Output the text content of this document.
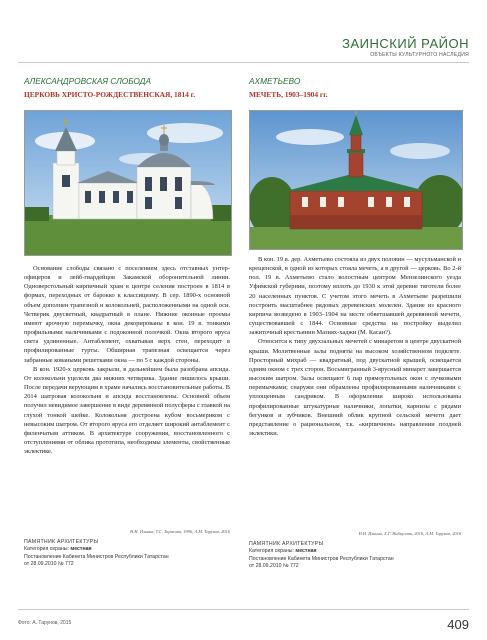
ЗАИНСКИЙ РАЙОН
ОБЪЕКТЫ КУЛЬТУРНОГО НАСЛЕДИЯ
АЛЕКСАНДРОВСКАЯ СЛОБОДА
ЦЕРКОВЬ ХРИСТО-РОЖДЕСТВЕНСКАЯ, 1814 г.

Основание слободы связано с поселением здесь отставных унтер-офицеров и лейб-гвардейцов Закамской оборонительной линии. Одноверстольный кирпичный храм в центре селения построен в 1814 в формах, переходных от барокко к классицизму. В сер. 1890-х основной объем дополнен трапезной и колокольней, расположенными на одной оси. Четверик двусветный, квадратный в плане. Нижние оконные проемы имеют арочную перемычку, окна декорированы в кон. 19 в. тонкими профильными наличниками с подоконной полочкой. Окна второго яруса света удлиненные. Антаблемент, охватывая верх стен, переходит в профилированные гурты. Обширная трапезная освещается через забранные коваными решетками окна — по 5 с каждой стороны.

В кон. 1920-х церковь закрыли, в дальнейшем была разобрана апсида. От колокольни уцелели два нижних четверика. Здание лишилось крыши. После передачи верующим в храме начались восстановительные работы. В 2014 шатровая колокольня и апсида восстановлены. Основной объем получил невидимое завершение в виде деревянной полусферы с главкой на глухой тонкой шейке. Колокольня достроена кубом восьмериком с невысоким шатром. От второго яруса его отделяет широкий антаблемент с филенчатым аттиком. В архитектуре сооружения, восстановленного с отступлениями от облика прототипа, необходимы элементы, свойственные эклектике.

Н.Н. Ильина, Т.С. Тарасова, 1996; А.М. Тарунов, 2016
ПАМЯТНИК АРХИТЕКТУРЫ
Категория охраны: местная
Постановление Кабинета Министров Республики Татарстан
от 28.09.2010 № 772
АХМЕТЬЕВО
МЕЧЕТЬ, 1903–1904 гг.

В кон. 19 в. дер. Ахметьево состояла из двух половин — мусульманской и крещенской, в одной из которых стояла мечеть, а в другой — церковь. Во 2-й пол. 19 в. Ахметьево стало волостным центром Мензелинского уезда Уфимской губернии, поэтому вплоть до 1930 к этой деревне тяготели более 20 населенных пунктов. С учетом этого мечеть в Ахметьеве разрешили построить масштабнее рядовых деревенских молелен. Здание из красного кирпича возведено в 1903–1904 на месте обветшавшей деревянной мечети, существовавшей с 1844. Основные средства на постройку выделил зажиточный крестьянин Мазиях-хаджи (М. Касан?).

Относится к типу двухзальных мечетей с минаретом в центре двускатной крыши. Молитвенные залы подняты на высоком хозяйственном подклете. Просторный михраб — квадратный, под двускатной крышей, освещается одним окном с трех сторон. Восьмигранный 3-ярусный минарет завершается высоким шатром. Залы освещают 6 пар прямоугольных окон с лучковыми перемычками; снаружи они обрамлены профилированными наличниками с уплощенным сандриком. В оформлении широко использованы профилированные штукатурные наличники, лопатки, карнизы с рядами бегунков и зубчиков. Внешний облик крупной сельской мечети дает представление о рациональном, т.к. «кирпичном» направлении поздней эклектики.

Н.Н. Ильина, Х.Г. Набиуллин, 2016; А.М. Тарунов, 2016
ПАМЯТНИК АРХИТЕКТУРЫ
Категория охраны: местная
Постановление Кабинета Министров Республики Татарстан
от 28.09.2010 № 772
Фото: А. Тарунов, 2015	409
